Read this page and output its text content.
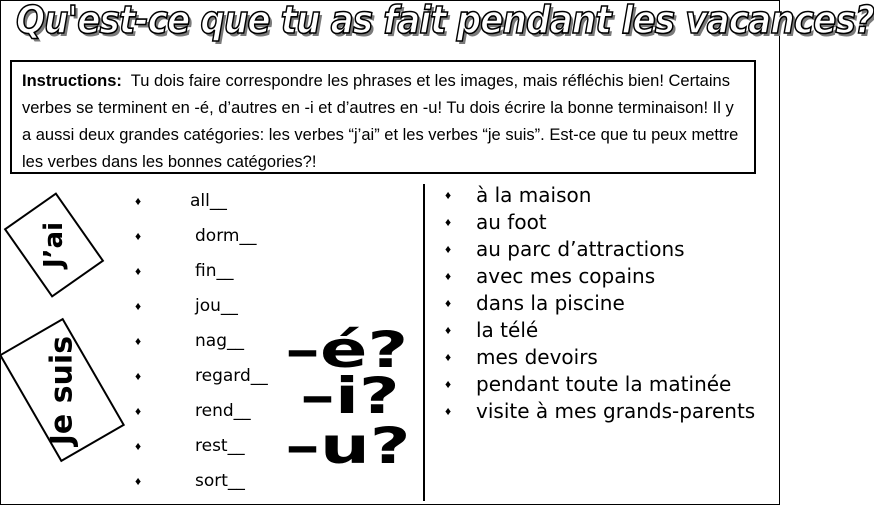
Qu'est-ce que tu as fait pendant les vacances?
Instructions: Tu dois faire correspondre les phrases et les images, mais réfléchis bien! Certains verbes se terminent en -é, d’autres en -i et d’autres en -u! Tu dois écrire la bonne terminaison! Il y a aussi deux grandes catégories: les verbes “j’ai” et les verbes “je suis”. Est-ce que tu peux mettre les verbes dans les bonnes catégories?!
J’ai
Je suis
♦	all__
♦	dorm__
♦	fin__
♦	jou__
♦	nag__
♦	regard__
♦	rend__
♦	rest__
♦	sort__
–é?
–i?
–u?
♦ à la maison
♦ au foot
♦ au parc d’attractions
♦ avec mes copains
♦ dans la piscine
♦ la télé
♦ mes devoirs
♦ pendant toute la matinée
♦ visite à mes grands-parents
